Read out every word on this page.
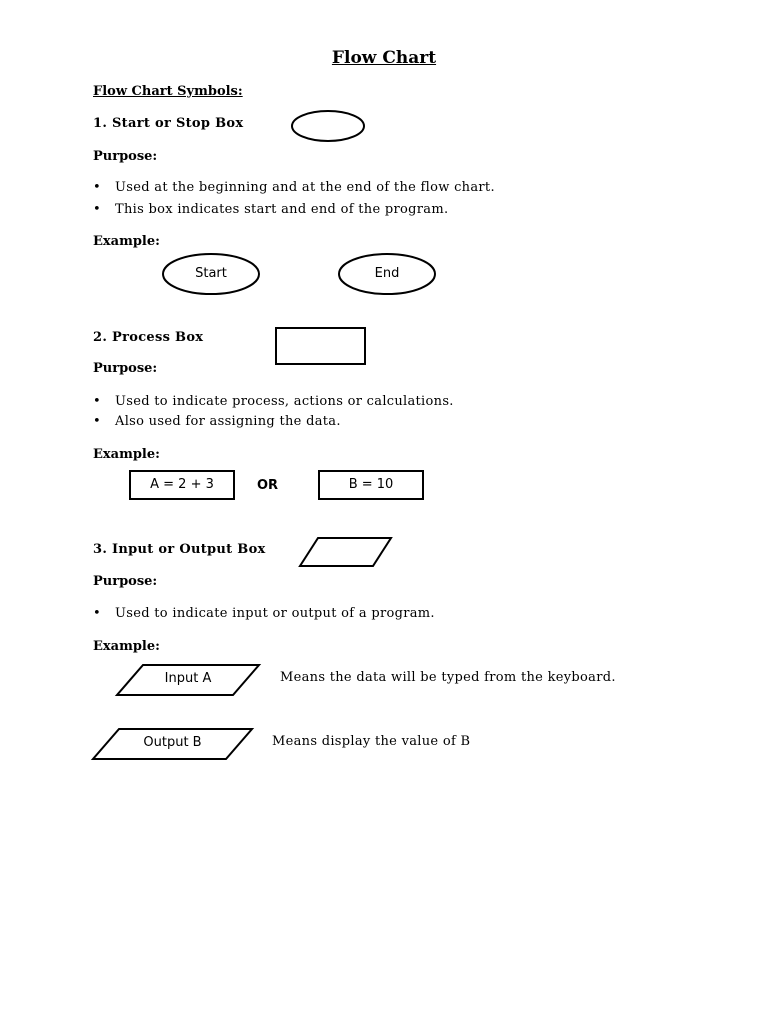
Flow Chart
Flow Chart Symbols:
1. Start or Stop Box
Purpose:
• Used at the beginning and at the end of the flow chart.
• This box indicates start and end of the program.
Example:
Start	End
2. Process Box
Purpose:
• Used to indicate process, actions or calculations.
• Also used for assigning the data.
Example:
A = 2 + 3	OR	B = 10
3. Input or Output Box
Purpose:
• Used to indicate input or output of a program.
Example:
Input A	Means the data will be typed from the keyboard.
Output B	Means display the value of B
